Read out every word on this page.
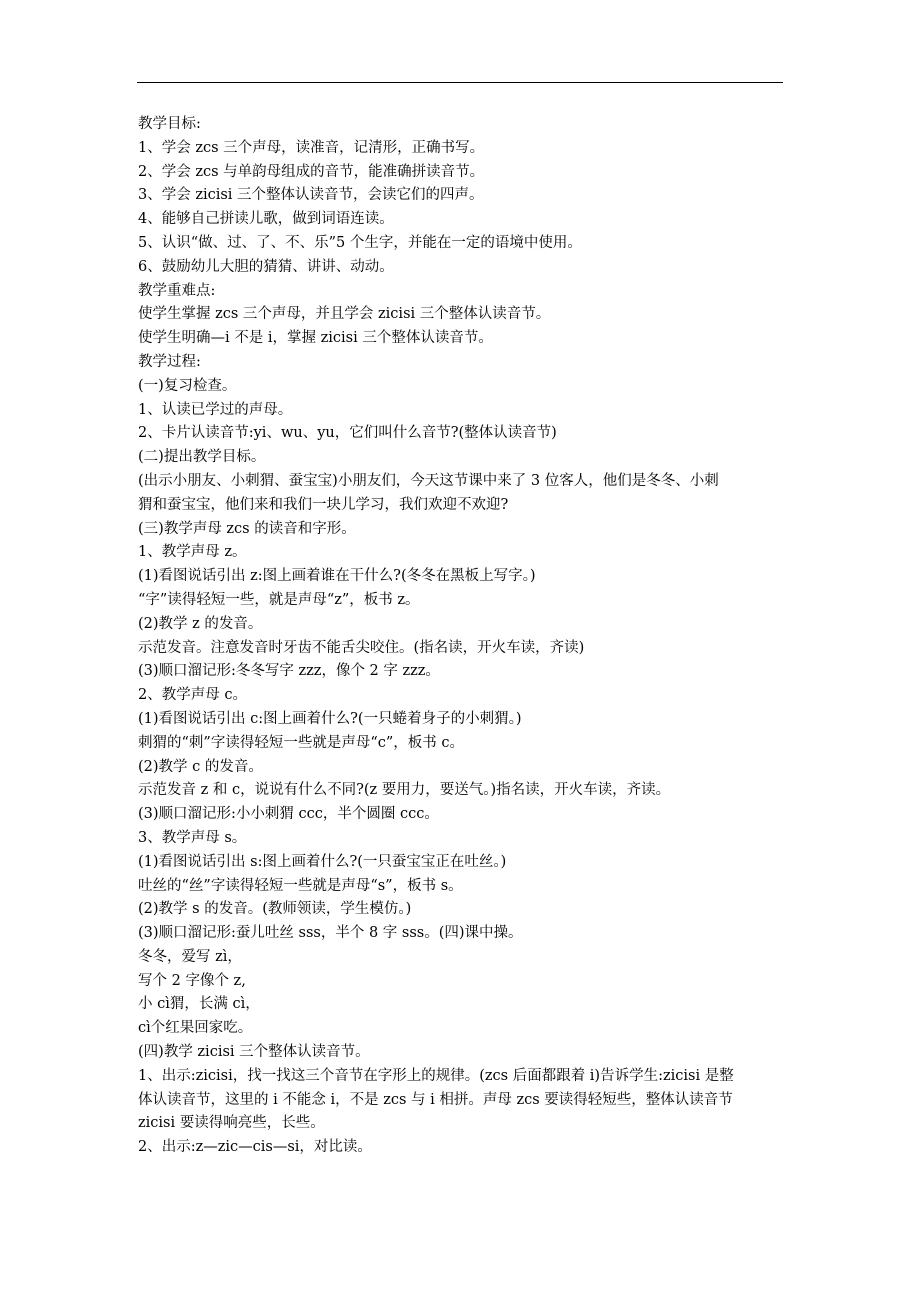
教学目标:
1、学会 zcs 三个声母，读准音，记清形，正确书写。
2、学会 zcs 与单韵母组成的音节，能准确拼读音节。
3、学会 zicisi 三个整体认读音节，会读它们的四声。
4、能够自己拼读儿歌，做到词语连读。
5、认识“做、过、了、不、乐”5 个生字，并能在一定的语境中使用。
6、鼓励幼儿大胆的猜猜、讲讲、动动。
教学重难点:
使学生掌握 zcs 三个声母，并且学会 zicisi 三个整体认读音节。
使学生明确—i 不是 i，掌握 zicisi 三个整体认读音节。
教学过程:
(一)复习检查。
1、认读已学过的声母。
2、卡片认读音节:yi、wu、yu，它们叫什么音节?(整体认读音节)
(二)提出教学目标。
(出示小朋友、小刺猬、蚕宝宝)小朋友们，今天这节课中来了 3 位客人，他们是冬冬、小刺
猬和蚕宝宝，他们来和我们一块儿学习，我们欢迎不欢迎?
(三)教学声母 zcs 的读音和字形。
1、教学声母 z。
(1)看图说话引出 z:图上画着谁在干什么?(冬冬在黑板上写字。)
“字”读得轻短一些，就是声母“z”，板书 z。
(2)教学 z 的发音。
示范发音。注意发音时牙齿不能舌尖咬住。(指名读，开火车读，齐读)
(3)顺口溜记形:冬冬写字 zzz，像个 2 字 zzz。
2、教学声母 c。
(1)看图说话引出 c:图上画着什么?(一只蜷着身子的小刺猬。)
刺猬的“刺”字读得轻短一些就是声母“c”，板书 c。
(2)教学 c 的发音。
示范发音 z 和 c，说说有什么不同?(z 要用力，要送气。)指名读，开火车读，齐读。
(3)顺口溜记形:小小刺猬 ccc，半个圆圈 ccc。
3、教学声母 s。
(1)看图说话引出 s:图上画着什么?(一只蚕宝宝正在吐丝。)
吐丝的“丝”字读得轻短一些就是声母“s”，板书 s。
(2)教学 s 的发音。(教师领读，学生模仿。)
(3)顺口溜记形:蚕儿吐丝 sss，半个 8 字 sss。(四)课中操。
冬冬，爱写 zì，
写个 2 字像个 z,
小 cì猬，长满 cì，
cì个红果回家吃。
(四)教学 zicisi 三个整体认读音节。
1、出示:zicisi，找一找这三个音节在字形上的规律。(zcs 后面都跟着 i)告诉学生:zicisi 是整
体认读音节，这里的 i 不能念 i，不是 zcs 与 i 相拼。声母 zcs 要读得轻短些，整体认读音节
zicisi 要读得响亮些，长些。
2、出示:z—zic—cis—si，对比读。
